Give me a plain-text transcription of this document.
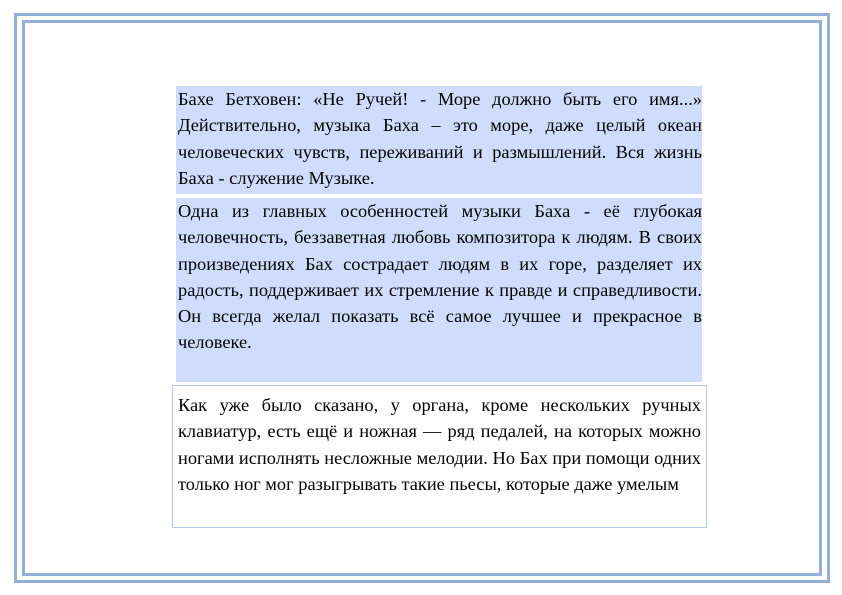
Бахе Бетховен: «Не Ручей! - Море должно быть его имя...» Действительно, музыка Баха – это море, даже целый океан человеческих чувств, переживаний и размышлений. Вся жизнь Баха - служение Музыке.

Одна из главных особенностей музыки Баха - её глубокая человечность, беззаветная любовь композитора к людям. В своих произведениях Бах сострадает людям в их горе, разделяет их радость, поддерживает их стремление к правде и справедливости. Он всегда желал показать всё самое лучшее и прекрасное в человеке.

Как уже было сказано, у органа, кроме нескольких ручных клавиатур, есть ещё и ножная — ряд педалей, на которых можно ногами исполнять несложные мелодии. Но Бах при помощи одних только ног мог разыгрывать такие пьесы, которые даже умелым
